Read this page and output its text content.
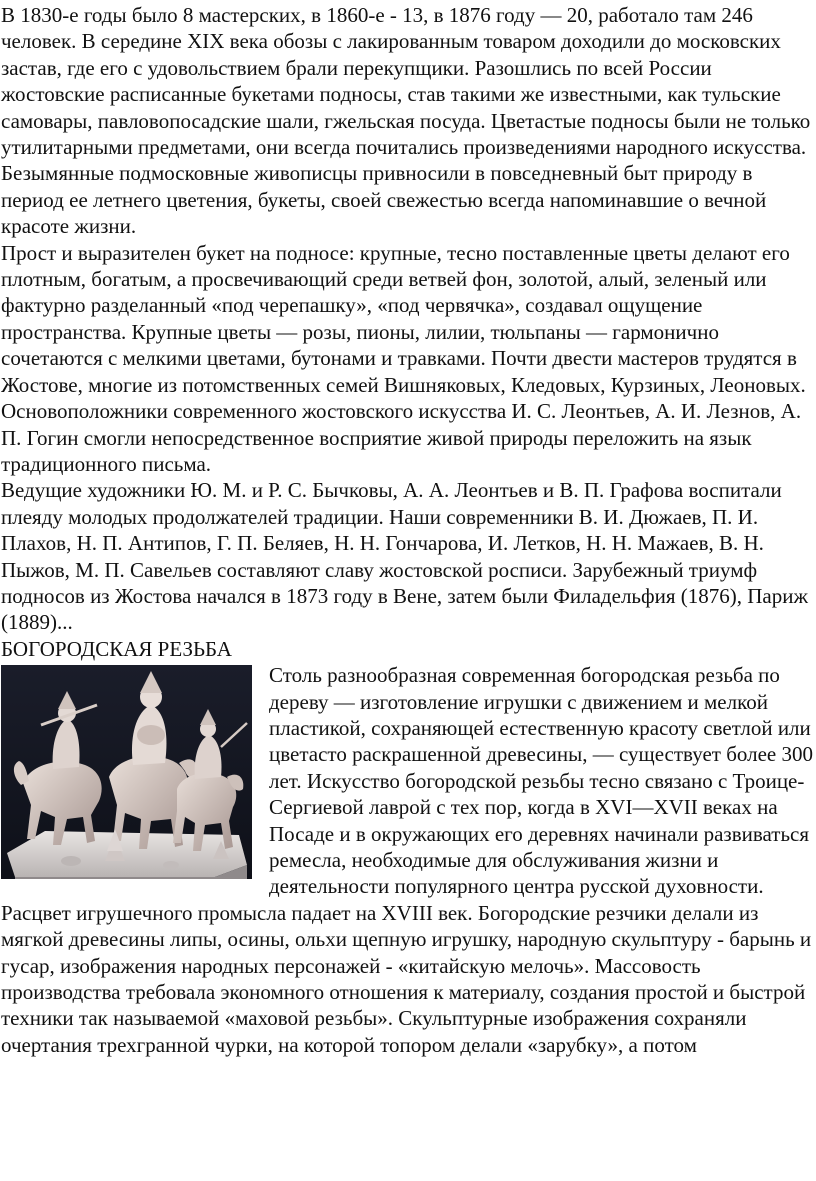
В 1830-е годы было 8 мастерских, в 1860-е - 13, в 1876 году — 20, работало там 246 человек. В середине XIX века обозы с лакированным товаром доходили до московских застав, где его с удовольствием брали перекупщики. Разошлись по всей России жостовские расписанные букетами подносы, став такими же известными, как тульские самовары, павловопосадские шали, гжельская посуда. Цветастые подносы были не только утилитарными предметами, они всегда почитались произведениями народного искусства. Безымянные подмосковные живописцы привносили в повседневный быт природу в период ее летнего цветения, букеты, своей свежестью всегда напоминавшие о вечной красоте жизни.

Прост и выразителен букет на подносе: крупные, тесно поставленные цветы делают его плотным, богатым, а просвечивающий среди ветвей фон, золотой, алый, зеленый или фактурно разделанный «под черепашку», «под червячка», создавал ощущение пространства. Крупные цветы — розы, пионы, лилии, тюльпаны — гармонично сочетаются с мелкими цветами, бутонами и травками. Почти двести мастеров трудятся в Жостове, многие из потомственных семей Вишняковых, Кледовых, Курзиных, Леоновых. Основоположники современного жостовского искусства И. С. Леонтьев, А. И. Лезнов, А. П. Гогин смогли непосредственное восприятие живой природы переложить на язык традиционного письма.

Ведущие художники Ю. М. и Р. С. Бычковы, А. А. Леонтьев и В. П. Графова воспитали плеяду молодых продолжателей традиции. Наши современники В. И. Дюжаев, П. И. Плахов, Н. П. Антипов, Г. П. Беляев, Н. Н. Гончарова, И. Летков, Н. Н. Мажаев, В. Н. Пыжов, М. П. Савельев составляют славу жостовской росписи. Зарубежный триумф подносов из Жостова начался в 1873 году в Вене, затем были Филадельфия (1876), Париж (1889)...

БОГОРОДСКАЯ РЕЗЬБА

Столь разнообразная современная богородская резьба по дереву — изготовление игрушки с движением и мелкой пластикой, сохраняющей естественную красоту светлой или цветасто раскрашенной древесины, — существует более 300 лет. Искусство богородской резьбы тесно связано с Троице-Сергиевой лаврой с тех пор, когда в XVI—XVII веках на Посаде и в окружающих его деревнях начинали развиваться ремесла, необходимые для обслуживания жизни и деятельности популярного центра русской духовности. Расцвет игрушечного промысла падает на XVIII век. Богородские резчики делали из мягкой древесины липы, осины, ольхи щепную игрушку, народную скульптуру - барынь и гусар, изображения народных персонажей - «китайскую мелочь». Массовость производства требовала экономного отношения к материалу, создания простой и быстрой техники так называемой «маховой резьбы». Скульптурные изображения сохраняли очертания трехгранной чурки, на которой топором делали «зарубку», а потом
